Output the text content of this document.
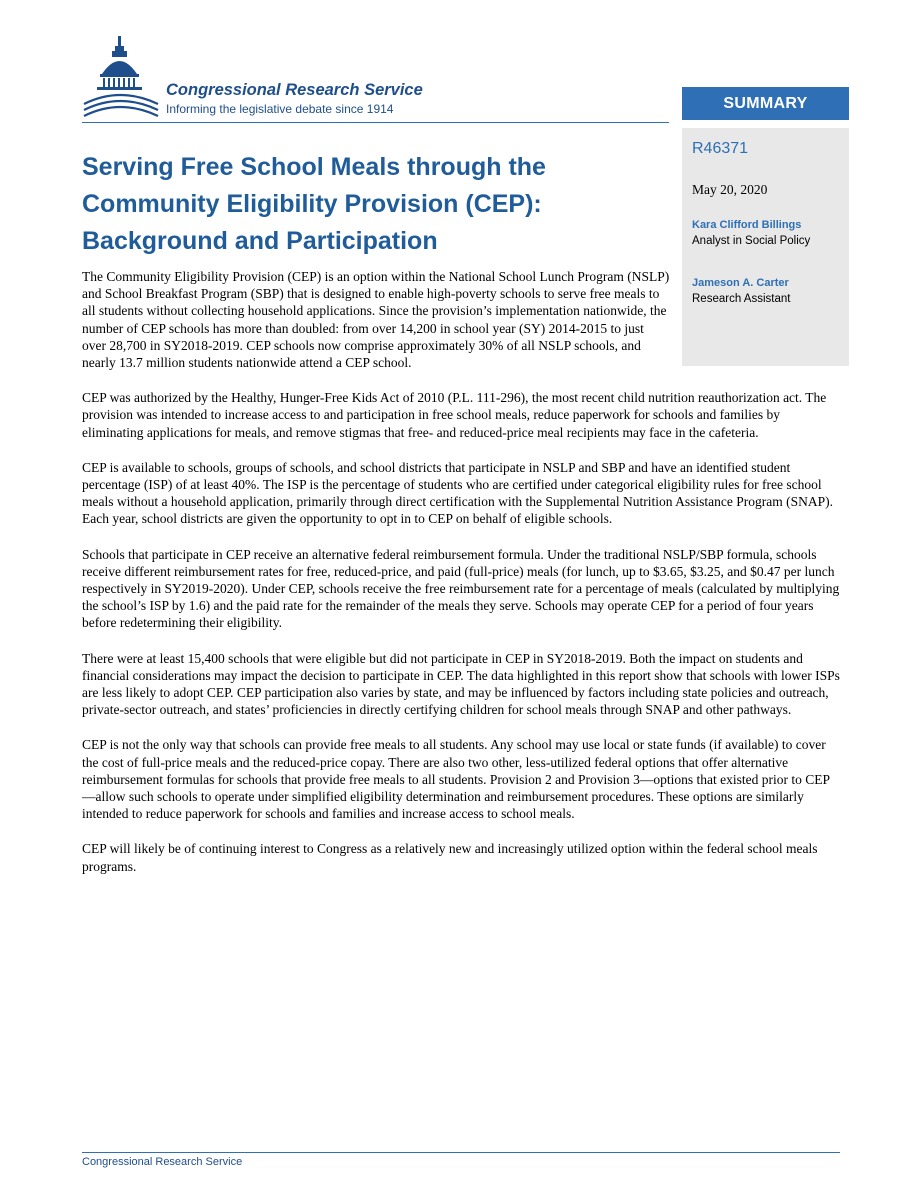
Congressional Research Service
Informing the legislative debate since 1914	SUMMARY
R46371
May 20, 2020
Kara Clifford Billings
Analyst in Social Policy
Jameson A. Carter
Research Assistant
Serving Free School Meals through the
Community Eligibility Provision (CEP):
Background and Participation

The Community Eligibility Provision (CEP) is an option within the National School Lunch Program (NSLP) and School Breakfast Program (SBP) that is designed to enable high-poverty schools to serve free meals to all students without collecting household applications. Since the provision’s implementation nationwide, the number of CEP schools has more than doubled: from over 14,200 in school year (SY) 2014-2015 to just over 28,700 in SY2018-2019. CEP schools now comprise approximately 30% of all NSLP schools, and nearly 13.7 million students nationwide attend a CEP school.

CEP was authorized by the Healthy, Hunger-Free Kids Act of 2010 (P.L. 111-296), the most recent child nutrition reauthorization act. The provision was intended to increase access to and participation in free school meals, reduce paperwork for schools and families by eliminating applications for meals, and remove stigmas that free- and reduced-price meal recipients may face in the cafeteria.

CEP is available to schools, groups of schools, and school districts that participate in NSLP and SBP and have an identified student percentage (ISP) of at least 40%. The ISP is the percentage of students who are certified under categorical eligibility rules for free school meals without a household application, primarily through direct certification with the Supplemental Nutrition Assistance Program (SNAP). Each year, school districts are given the opportunity to opt in to CEP on behalf of eligible schools.

Schools that participate in CEP receive an alternative federal reimbursement formula. Under the traditional NSLP/SBP formula, schools receive different reimbursement rates for free, reduced-price, and paid (full-price) meals (for lunch, up to $3.65, $3.25, and $0.47 per lunch respectively in SY2019-2020). Under CEP, schools receive the free reimbursement rate for a percentage of meals (calculated by multiplying the school’s ISP by 1.6) and the paid rate for the remainder of the meals they serve. Schools may operate CEP for a period of four years before redetermining their eligibility.

There were at least 15,400 schools that were eligible but did not participate in CEP in SY2018-2019. Both the impact on students and financial considerations may impact the decision to participate in CEP. The data highlighted in this report show that schools with lower ISPs are less likely to adopt CEP. CEP participation also varies by state, and may be influenced by factors including state policies and outreach, private-sector outreach, and states’ proficiencies in directly certifying children for school meals through SNAP and other pathways.

CEP is not the only way that schools can provide free meals to all students. Any school may use local or state funds (if available) to cover the cost of full-price meals and the reduced-price copay. There are also two other, less-utilized federal options that offer alternative reimbursement formulas for schools that provide free meals to all students. Provision 2 and Provision 3—options that existed prior to CEP—allow such schools to operate under simplified eligibility determination and reimbursement procedures. These options are similarly intended to reduce paperwork for schools and families and increase access to school meals.

CEP will likely be of continuing interest to Congress as a relatively new and increasingly utilized option within the federal school meals programs.

Congressional Research Service
